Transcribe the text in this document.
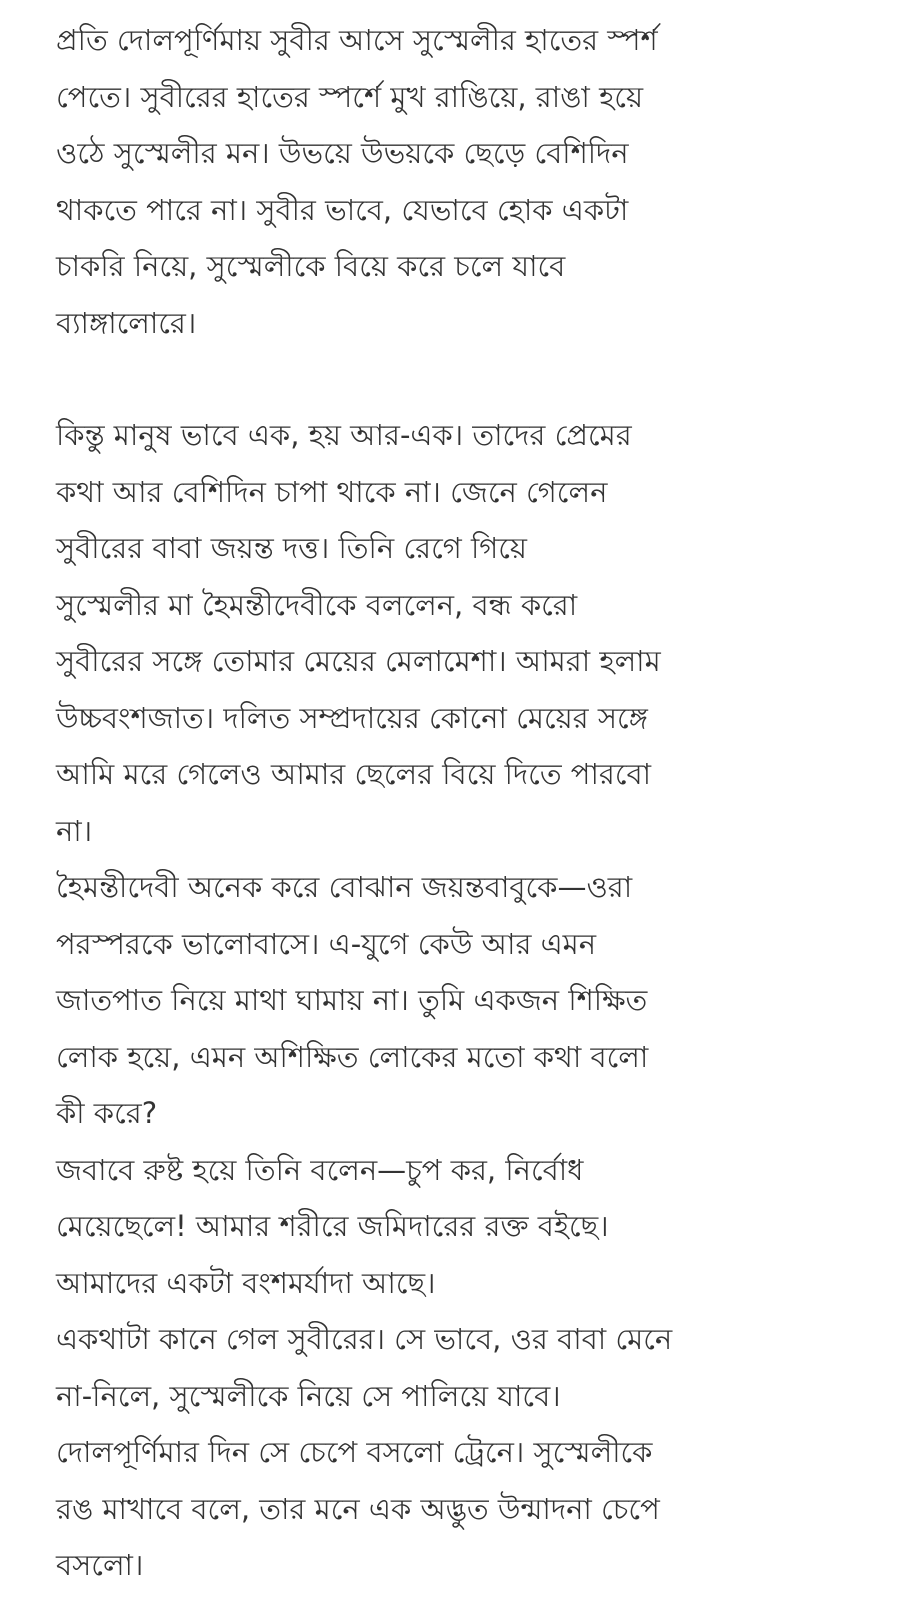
প্রতি দোলপূর্ণিমায় সুবীর আসে সুস্মেলীর হাতের স্পর্শ
পেতে। সুবীরের হাতের স্পর্শে মুখ রাঙিয়ে, রাঙা হয়ে
ওঠে সুস্মেলীর মন। উভয়ে উভয়কে ছেড়ে বেশিদিন
থাকতে পারে না। সুবীর ভাবে, যেভাবে হোক একটা
চাকরি নিয়ে, সুস্মেলীকে বিয়ে করে চলে যাবে
ব্যাঙ্গালোরে।

কিন্তু মানুষ ভাবে এক, হয় আর-এক। তাদের প্রেমের
কথা আর বেশিদিন চাপা থাকে না। জেনে গেলেন
সুবীরের বাবা জয়ন্ত দত্ত। তিনি রেগে গিয়ে
সুস্মেলীর মা হৈমন্তীদেবীকে বললেন, বন্ধ করো
সুবীরের সঙ্গে তোমার মেয়ের মেলামেশা। আমরা হলাম
উচ্চবংশজাত। দলিত সম্প্রদায়ের কোনো মেয়ের সঙ্গে
আমি মরে গেলেও আমার ছেলের বিয়ে দিতে পারবো
না।

হৈমন্তীদেবী অনেক করে বোঝান জয়ন্তবাবুকে—ওরা
পরস্পরকে ভালোবাসে। এ-যুগে কেউ আর এমন
জাতপাত নিয়ে মাথা ঘামায় না। তুমি একজন শিক্ষিত
লোক হয়ে, এমন অশিক্ষিত লোকের মতো কথা বলো
কী করে?

জবাবে রুষ্ট হয়ে তিনি বলেন—চুপ কর, নির্বোধ
মেয়েছেলে! আমার শরীরে জমিদারের রক্ত বইছে।
আমাদের একটা বংশমর্যাদা আছে।

একথাটা কানে গেল সুবীরের। সে ভাবে, ওর বাবা মেনে
না-নিলে, সুস্মেলীকে নিয়ে সে পালিয়ে যাবে।
দোলপূর্ণিমার দিন সে চেপে বসলো ট্রেনে। সুস্মেলীকে
রঙ মাখাবে বলে, তার মনে এক অদ্ভুত উন্মাদনা চেপে
বসলো।
